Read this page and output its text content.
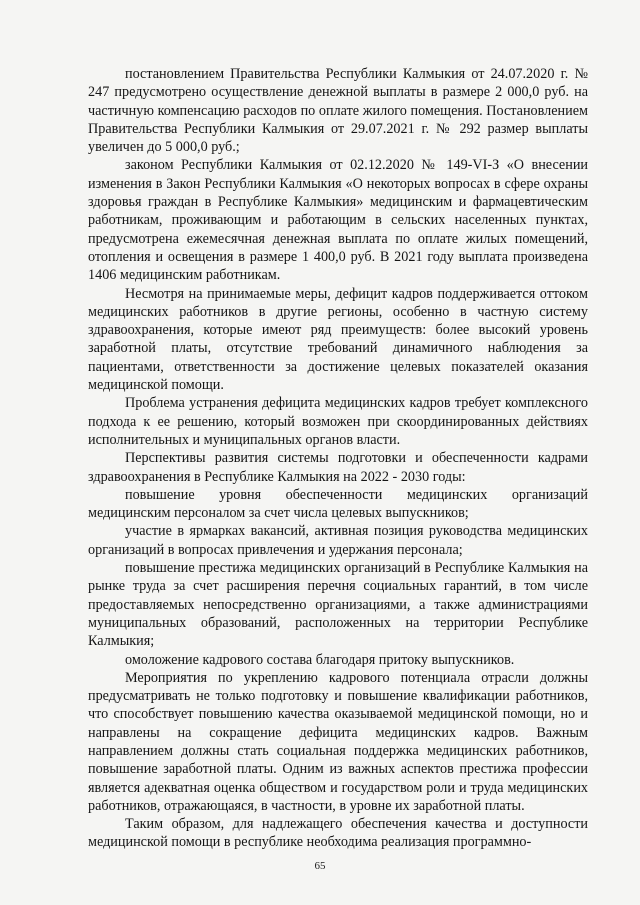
постановлением Правительства Республики Калмыкия от 24.07.2020 г. № 247 предусмотрено осуществление денежной выплаты в размере 2 000,0 руб. на частичную компенсацию расходов по оплате жилого помещения. Постановлением Правительства Республики Калмыкия от 29.07.2021 г. № 292 размер выплаты увеличен до 5 000,0 руб.;

законом Республики Калмыкия от 02.12.2020 № 149-VI-З «О внесении изменения в Закон Республики Калмыкия «О некоторых вопросах в сфере охраны здоровья граждан в Республике Калмыкия» медицинским и фармацевтическим работникам, проживающим и работающим в сельских населенных пунктах, предусмотрена ежемесячная денежная выплата по оплате жилых помещений, отопления и освещения в размере 1 400,0 руб. В 2021 году выплата произведена 1406 медицинским работникам.

Несмотря на принимаемые меры, дефицит кадров поддерживается оттоком медицинских работников в другие регионы, особенно в частную систему здравоохранения, которые имеют ряд преимуществ: более высокий уровень заработной платы, отсутствие требований динамичного наблюдения за пациентами, ответственности за достижение целевых показателей оказания медицинской помощи.

Проблема устранения дефицита медицинских кадров требует комплексного подхода к ее решению, который возможен при скоординированных действиях исполнительных и муниципальных органов власти.

Перспективы развития системы подготовки и обеспеченности кадрами здравоохранения в Республике Калмыкия на 2022 - 2030 годы:

повышение уровня обеспеченности медицинских организаций медицинским персоналом за счет числа целевых выпускников;

участие в ярмарках вакансий, активная позиция руководства медицинских организаций в вопросах привлечения и удержания персонала;

повышение престижа медицинских организаций в Республике Калмыкия на рынке труда за счет расширения перечня социальных гарантий, в том числе предоставляемых непосредственно организациями, а также администрациями муниципальных образований, расположенных на территории Республике Калмыкия;

омоложение кадрового состава благодаря притоку выпускников.

Мероприятия по укреплению кадрового потенциала отрасли должны предусматривать не только подготовку и повышение квалификации работников, что способствует повышению качества оказываемой медицинской помощи, но и направлены на сокращение дефицита медицинских кадров. Важным направлением должны стать социальная поддержка медицинских работников, повышение заработной платы. Одним из важных аспектов престижа профессии является адекватная оценка обществом и государством роли и труда медицинских работников, отражающаяся, в частности, в уровне их заработной платы.

Таким образом, для надлежащего обеспечения качества и доступности медицинской помощи в республике необходима реализация программно-

65
